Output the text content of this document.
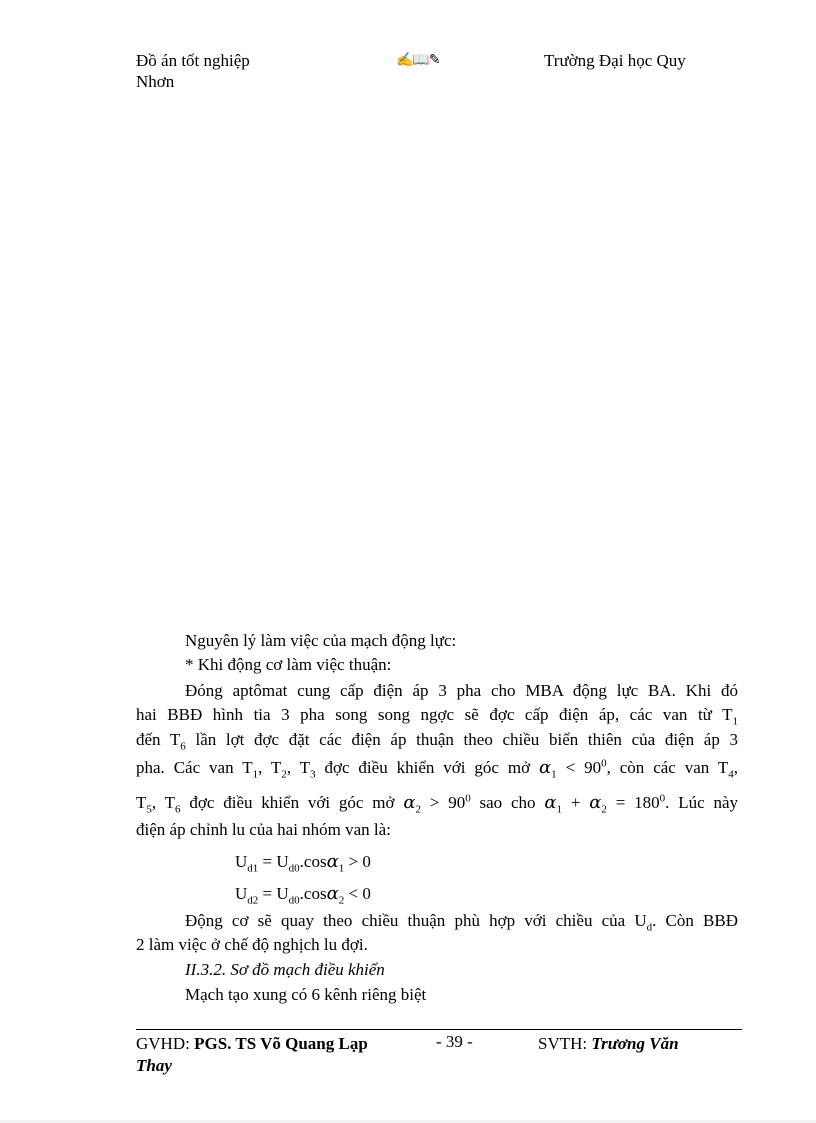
Đồ án tốt nghiệp	✍📖✎	Trường Đại học Quy
Nhơn
Nguyên lý làm việc của mạch động lực:
* Khi động cơ làm việc thuận:
Đóng aptômat cung cấp điện áp 3 pha cho MBA động lực BA. Khi đó
hai BBĐ hình tia 3 pha song song ngợc sẽ đợc cấp điện áp, các van từ $T_1$
đến $T_6$ lần lợt đợc đặt các điện áp thuận theo chiều biến thiên của điện áp 3
pha. Các van $T_1$, $T_2$, $T_3$ đợc điều khiển với góc mở $\alpha_1 < 90^0$, còn các van $T_4$,
$T_5$, $T_6$ đợc điều khiển với góc mở $\alpha_2 > 90^0$ sao cho $\alpha_1 + \alpha_2 = 180^0$. Lúc này
điện áp chỉnh lu của hai nhóm van là:
$U_{d1} = U_{d0}.\cos\alpha_1 > 0$
$U_{d2} = U_{d0}.\cos\alpha_2 < 0$
Động cơ sẽ quay theo chiều thuận phù hợp với chiều của $U_d$. Còn BBĐ
2 làm việc ở chế độ nghịch lu đợi.
II.3.2. Sơ đồ mạch điều khiển
Mạch tạo xung có 6 kênh riêng biệt
GVHD: PGS. TS Võ Quang Lạp	- 39 -	SVTH: Trương Văn
Thay
